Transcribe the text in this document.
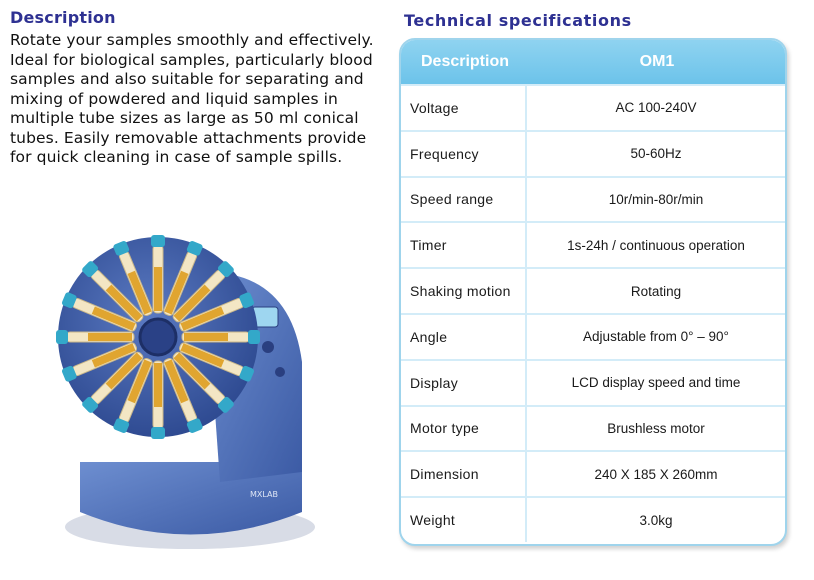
Description
Rotate your samples smoothly and effectively. Ideal for biological samples, particularly blood samples and also suitable for separating and mixing of powdered and liquid samples in multiple tube sizes as large as 50 ml conical tubes. Easily removable attachments provide for quick cleaning in case of sample spills.
Technical specifications
MXLAB
Description	OM1
Voltage	AC 100-240V
Frequency	50-60Hz
Speed range	10r/min-80r/min
Timer	1s-24h / continuous operation
Shaking motion	Rotating
Angle	Adjustable from 0° – 90°
Display	LCD display speed and time
Motor type	Brushless motor
Dimension	240 X 185 X 260mm
Weight	3.0kg
